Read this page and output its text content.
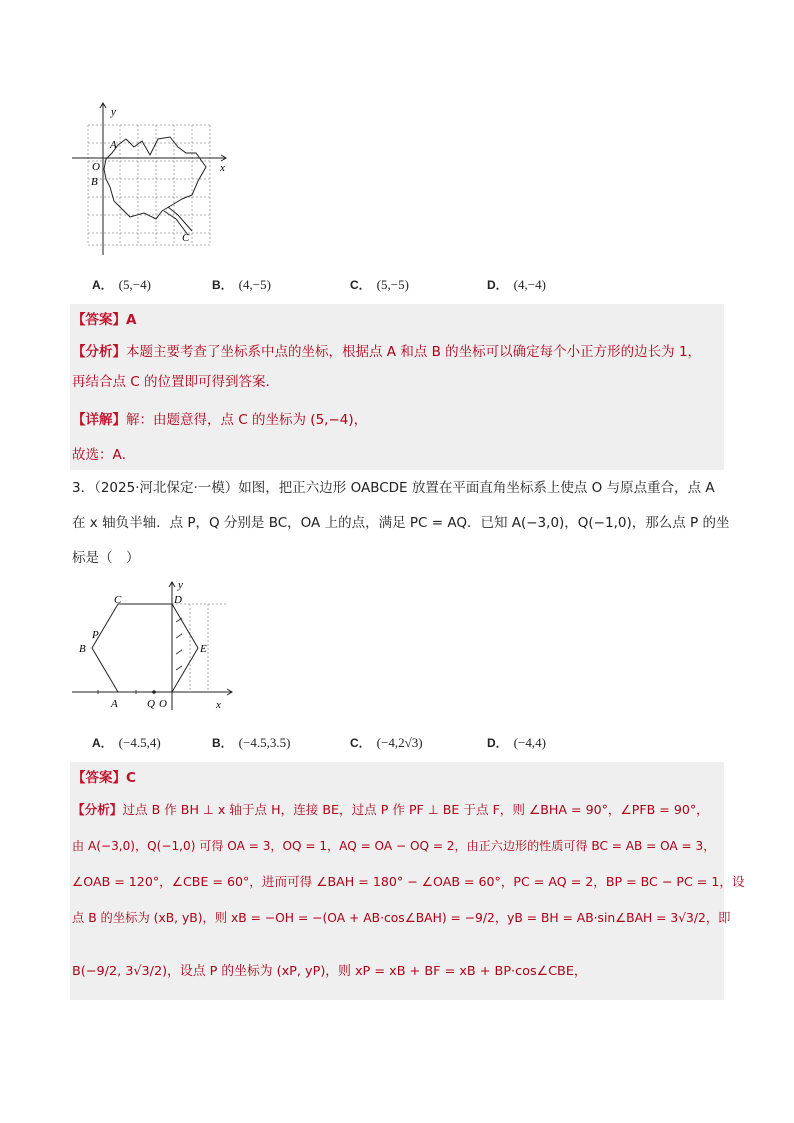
y
x
O
A
B
C
A． (5,−4)	B． (4,−5)	C． (5,−5)	D． (4,−4)
【答案】A
【分析】本题主要考查了坐标系中点的坐标，根据点 A 和点 B 的坐标可以确定每个小正方形的边长为 1，
再结合点 C 的位置即可得到答案．
【详解】解：由题意得，点 C 的坐标为 (5,−4)，
故选：A．
3．（2025·河北保定·一模）如图，把正六边形 OABCDE 放置在平面直角坐标系上使点 O 与原点重合，点 A
在 x 轴负半轴．点 P，Q 分别是 BC，OA 上的点，满足 PC = AQ．已知 A(−3,0)，Q(−1,0)，那么点 P 的坐
标是（　）
y
x
C	D
P
B	E
A	Q O
A． (−4.5,4)	B． (−4.5,3.5)	C． (−4,2√3)	D． (−4,4)
【答案】C
【分析】过点 B 作 BH ⊥ x 轴于点 H，连接 BE，过点 P 作 PF ⊥ BE 于点 F，则 ∠BHA = 90°，∠PFB = 90°，
由 A(−3,0)，Q(−1,0) 可得 OA = 3，OQ = 1，AQ = OA − OQ = 2，由正六边形的性质可得 BC = AB = OA = 3，
∠OAB = 120°，∠CBE = 60°，进而可得 ∠BAH = 180° − ∠OAB = 60°，PC = AQ = 2，BP = BC − PC = 1，设
点 B 的坐标为 (xB, yB)，则 xB = −OH = −(OA + AB·cos∠BAH) = −9/2，yB = BH = AB·sin∠BAH = 3√3/2，即
B(−9/2, 3√3/2)，设点 P 的坐标为 (xP, yP)，则 xP = xB + BF = xB + BP·cos∠CBE，
